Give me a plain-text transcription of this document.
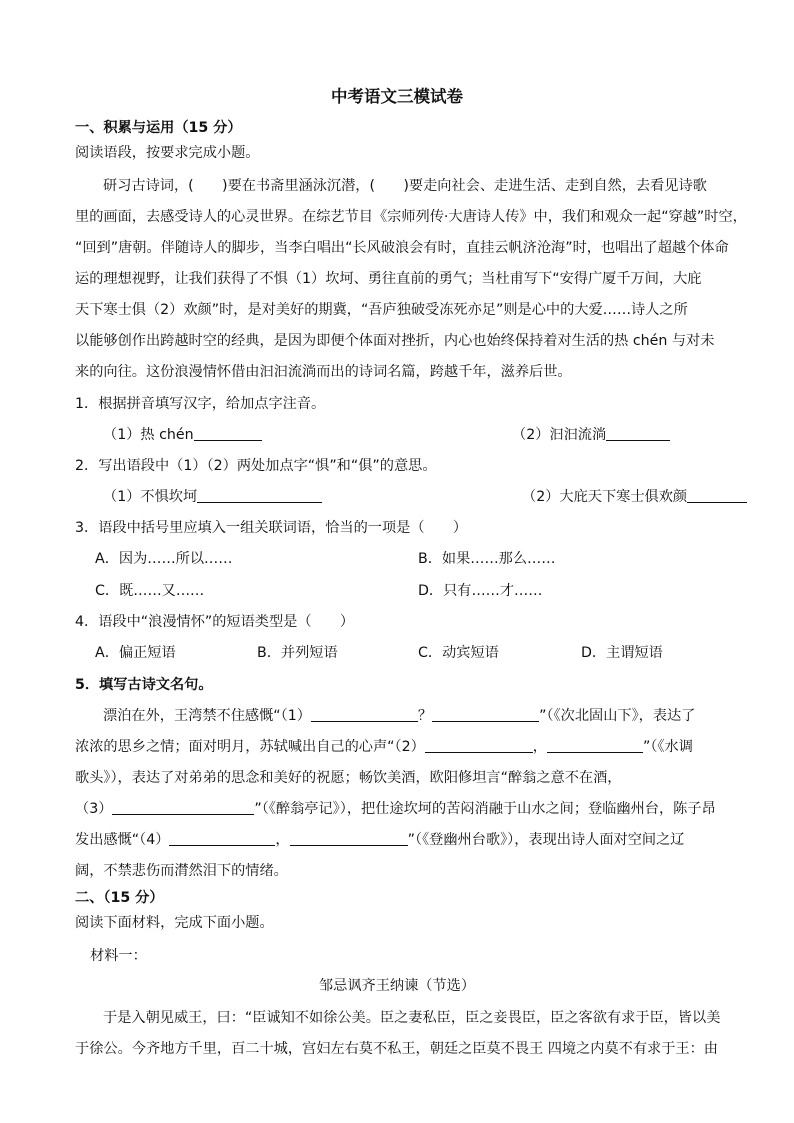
中考语文三模试卷
一、积累与运用（15 分）
阅读语段，按要求完成小题。
研习古诗词，(　　)要在书斋里涵泳沉潜，(　　)要走向社会、走进生活、走到自然，去看见诗歌
里的画面，去感受诗人的心灵世界。在综艺节目《宗师列传·大唐诗人传》中，我们和观众一起“穿越”时空，
“回到”唐朝。伴随诗人的脚步，当李白唱出“长风破浪会有时，直挂云帆济沧海”时，也唱出了超越个体命
运的理想视野，让我们获得了不惧（1）坎坷、勇往直前的勇气；当杜甫写下“安得广厦千万间，大庇
天下寒士俱（2）欢颜”时，是对美好的期冀，“吾庐独破受冻死亦足”则是心中的大爱……诗人之所
以能够创作出跨越时空的经典，是因为即便个体面对挫折，内心也始终保持着对生活的热 chén 与对未
来的向往。这份浪漫情怀借由汩汩流淌而出的诗词名篇，跨越千年，滋养后世。
1．根据拼音填写汉字，给加点字注音。
（1）热 chén	（2）汩汩流淌
2．写出语段中（1）（2）两处加点字“惧”和“俱”的意思。
（1）不惧坎坷	（2）大庇天下寒士俱欢颜
3．语段中括号里应填入一组关联词语，恰当的一项是（　　）
A．因为……所以……	B．如果……那么……
C．既……又……	D．只有……才……
4．语段中“浪漫情怀”的短语类型是（　　）
A．偏正短语	B．并列短语	C．动宾短语	D．主谓短语
5．填写古诗文名句。
漂泊在外，王湾禁不住感慨“（1）	？	”（《次北固山下》，表达了
浓浓的思乡之情；面对明月，苏轼喊出自己的心声“（2）	，	”（《水调
歌头》），表达了对弟弟的思念和美好的祝愿；畅饮美酒，欧阳修坦言“醉翁之意不在酒，
（3）	”（《醉翁亭记》），把仕途坎坷的苦闷消融于山水之间；登临幽州台，陈子昂
发出感慨“（4）	，	”（《登幽州台歌》），表现出诗人面对空间之辽
阔，不禁悲伤而潸然泪下的情绪。
二、（15 分）
阅读下面材料，完成下面小题。
材料一：
邹忌讽齐王纳谏（节选）
于是入朝见威王，曰：“臣诚知不如徐公美。臣之妻私臣，臣之妾畏臣，臣之客欲有求于臣，皆以美
于徐公。今齐地方千里，百二十城，宫妇左右莫不私王，朝廷之臣莫不畏王 四境之内莫不有求于王：由
